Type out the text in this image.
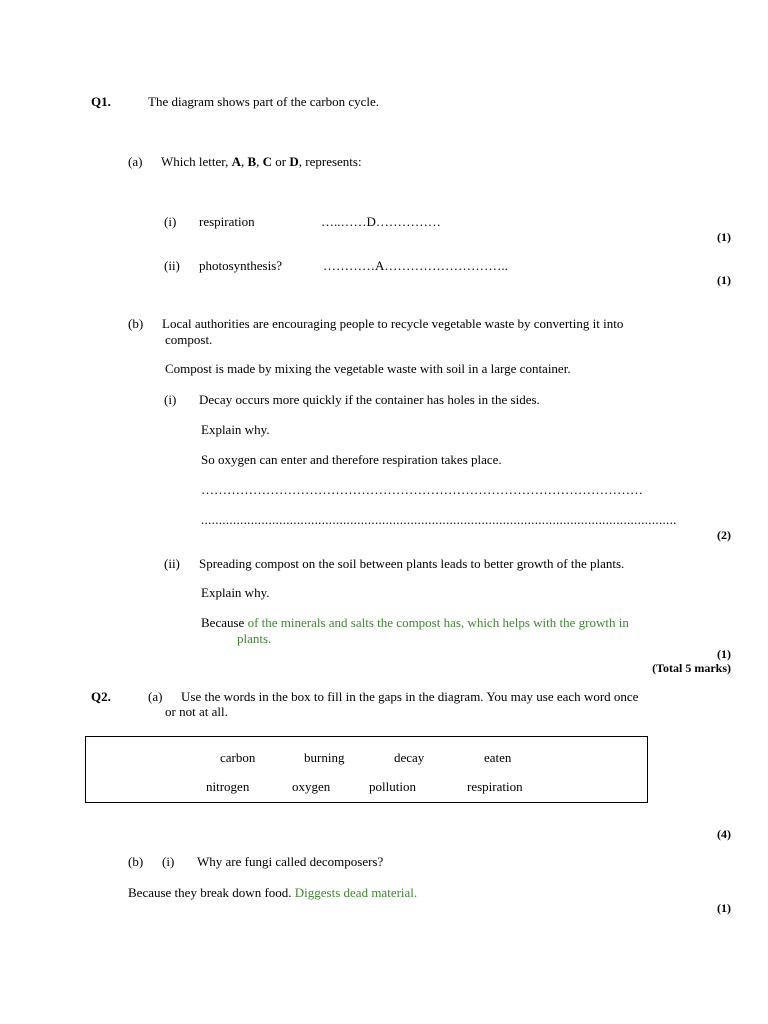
Q1.	The diagram shows part of the carbon cycle.
(a) Which letter, A, B, C or D, represents:
(i) respiration	…..……D……………
(1)
(ii) photosynthesis?	…………A………………………..
(1)
(b) Local authorities are encouraging people to recycle vegetable waste by converting it into
compost.
Compost is made by mixing the vegetable waste with soil in a large container.
(i) Decay occurs more quickly if the container has holes in the sides.
Explain why.
So oxygen can enter and therefore respiration takes place.
…………………………………………………………………………………………
......................................................................................................................................
(2)
(ii) Spreading compost on the soil between plants leads to better growth of the plants.
Explain why.
Because of the minerals and salts the compost has, which helps with the growth in
plants.
(1)
(Total 5 marks)
Q2.	(a) Use the words in the box to fill in the gaps in the diagram. You may use each word once
or not at all.
carbon	burning	decay	eaten
nitrogen	oxygen	pollution	respiration
(4)
(b) (i) Why are fungi called decomposers?
Because they break down food. Diggests dead material.
(1)
